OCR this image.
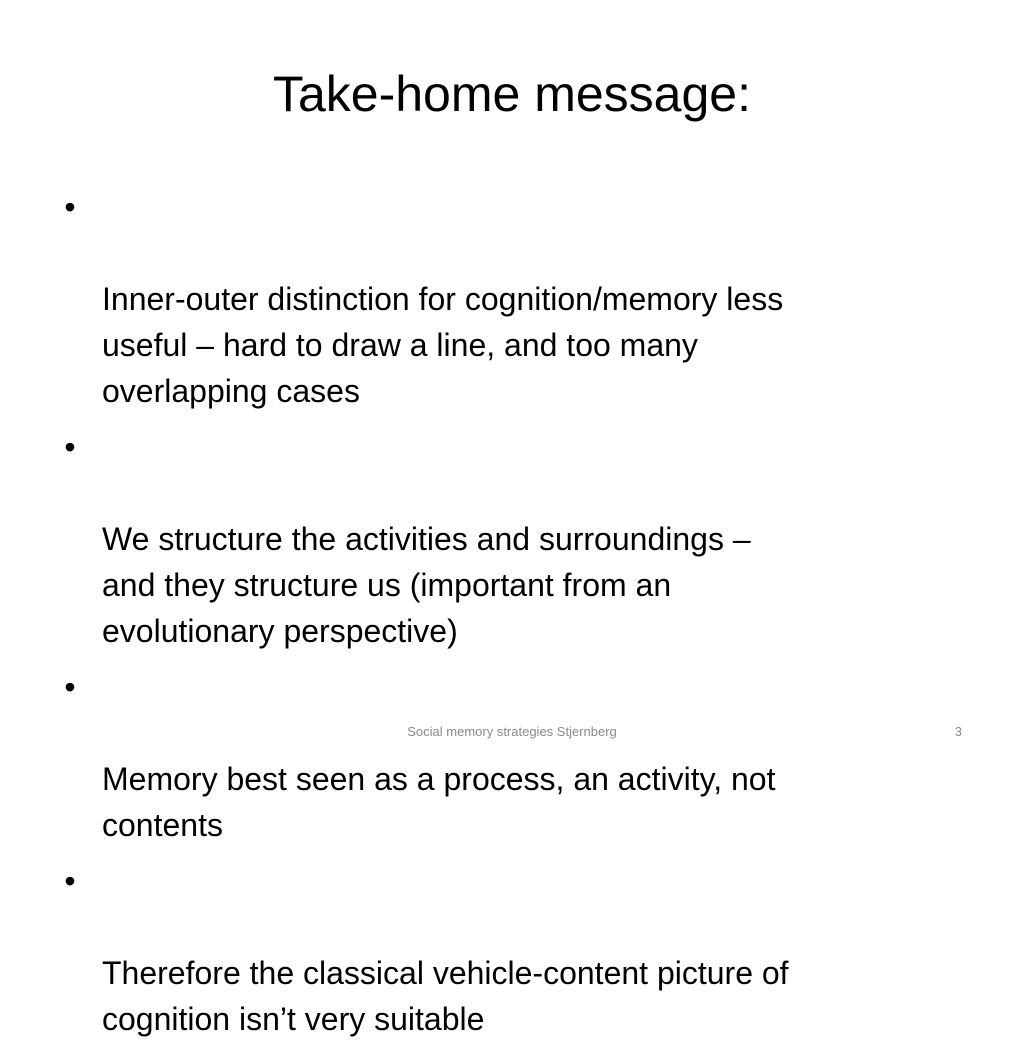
Take-home message:

•

Inner-outer distinction for cognition/memory less
useful – hard to draw a line, and too many
overlapping cases

•

We structure the activities and surroundings –
and they structure us (important from an
evolutionary perspective)

•

Memory best seen as a process, an activity, not
contents

•

Therefore the classical vehicle-content picture of
cognition isn’t very suitable

Social memory strategies Stjernberg	3
